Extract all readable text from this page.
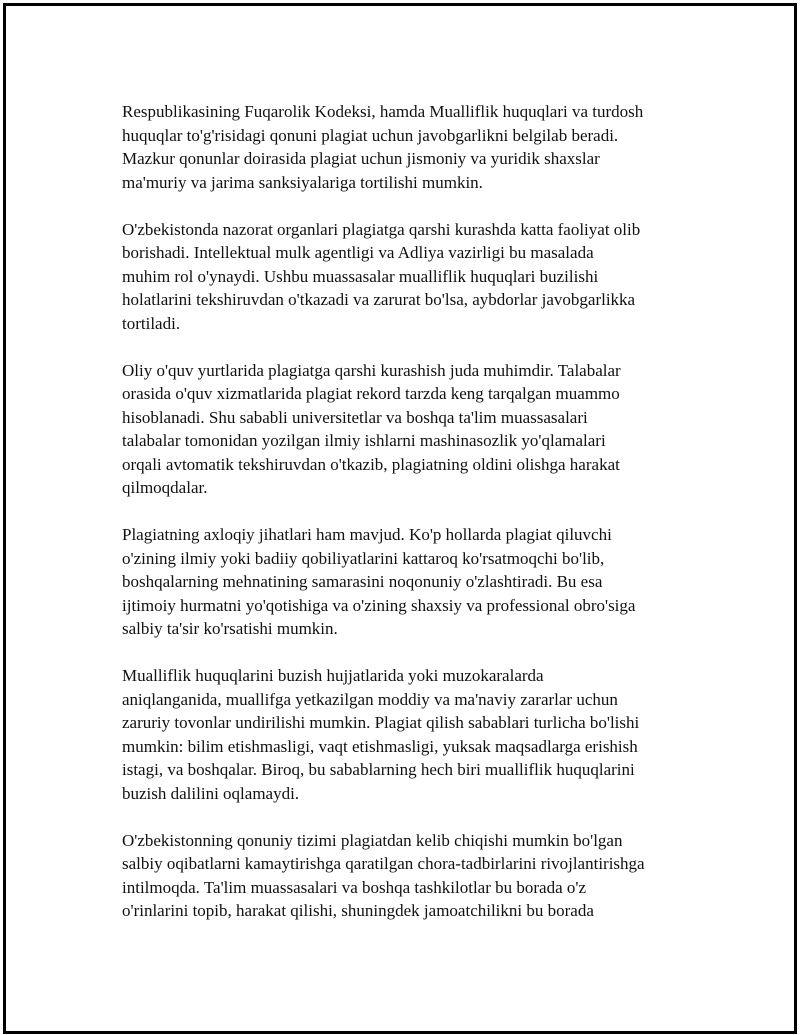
Respublikasining Fuqarolik Kodeksi, hamda Mualliflik huquqlari va turdosh
huquqlar to'g'risidagi qonuni plagiat uchun javobgarlikni belgilab beradi.
Mazkur qonunlar doirasida plagiat uchun jismoniy va yuridik shaxslar
ma'muriy va jarima sanksiyalariga tortilishi mumkin.

O'zbekistonda nazorat organlari plagiatga qarshi kurashda katta faoliyat olib
borishadi. Intellektual mulk agentligi va Adliya vazirligi bu masalada
muhim rol o'ynaydi. Ushbu muassasalar mualliflik huquqlari buzilishi
holatlarini tekshiruvdan o'tkazadi va zarurat bo'lsa, aybdorlar javobgarlikka
tortiladi.

Oliy o'quv yurtlarida plagiatga qarshi kurashish juda muhimdir. Talabalar
orasida o'quv xizmatlarida plagiat rekord tarzda keng tarqalgan muammo
hisoblanadi. Shu sababli universitetlar va boshqa ta'lim muassasalari
talabalar tomonidan yozilgan ilmiy ishlarni mashinasozlik yo'qlamalari
orqali avtomatik tekshiruvdan o'tkazib, plagiatning oldini olishga harakat
qilmoqdalar.

Plagiatning axloqiy jihatlari ham mavjud. Ko'p hollarda plagiat qiluvchi
o'zining ilmiy yoki badiiy qobiliyatlarini kattaroq ko'rsatmoqchi bo'lib,
boshqalarning mehnatining samarasini noqonuniy o'zlashtiradi. Bu esa
ijtimoiy hurmatni yo'qotishiga va o'zining shaxsiy va professional obro'siga
salbiy ta'sir ko'rsatishi mumkin.

Mualliflik huquqlarini buzish hujjatlarida yoki muzokaralarda
aniqlanganida, muallifga yetkazilgan moddiy va ma'naviy zararlar uchun
zaruriy tovonlar undirilishi mumkin. Plagiat qilish sabablari turlicha bo'lishi
mumkin: bilim etishmasligi, vaqt etishmasligi, yuksak maqsadlarga erishish
istagi, va boshqalar. Biroq, bu sabablarning hech biri mualliflik huquqlarini
buzish dalilini oqlamaydi.

O'zbekistonning qonuniy tizimi plagiatdan kelib chiqishi mumkin bo'lgan
salbiy oqibatlarni kamaytirishga qaratilgan chora-tadbirlarini rivojlantirishga
intilmoqda. Ta'lim muassasalari va boshqa tashkilotlar bu borada o'z
o'rinlarini topib, harakat qilishi, shuningdek jamoatchilikni bu borada
